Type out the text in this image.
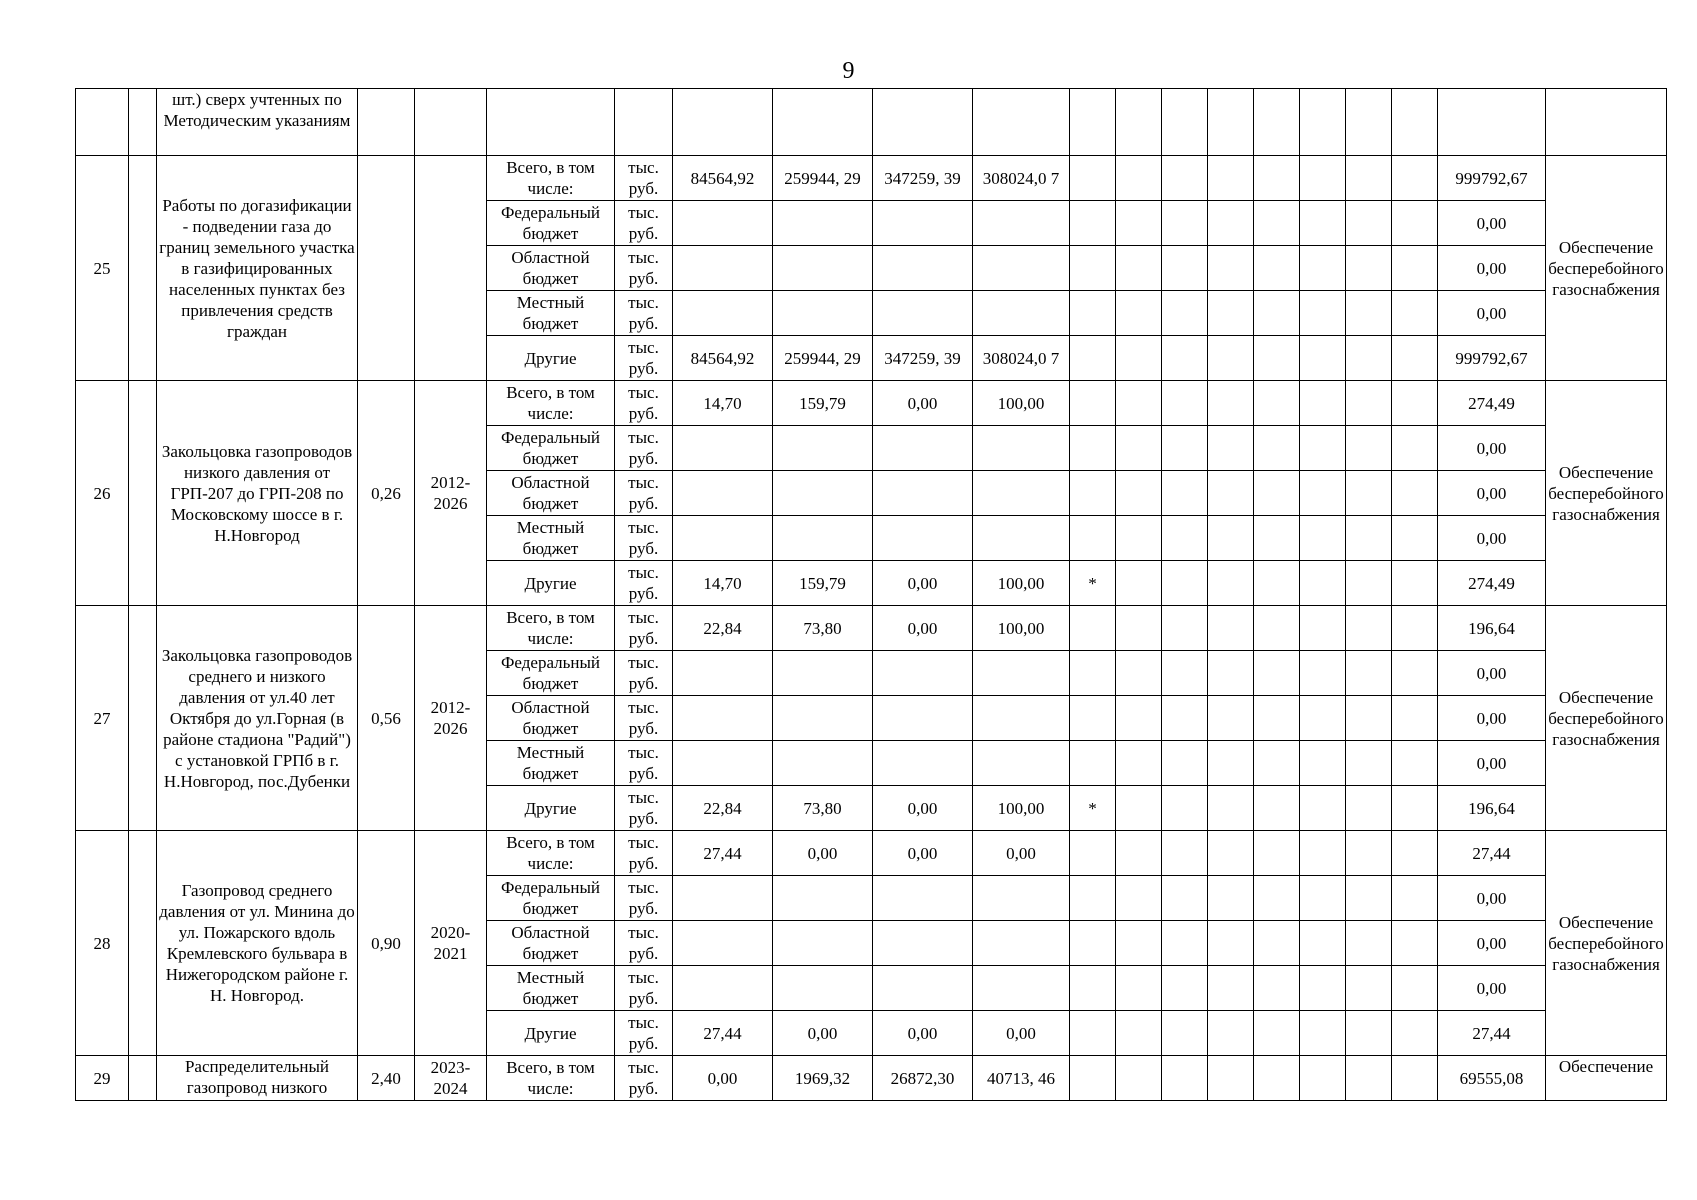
9
		шт.) сверх учтенных по Методическим указаниям																		
25		Работы по догазификации - подведении газа до границ земельного участка в газифицированных населенных пунктах без привлечения средств граждан			Всего, в том числе:	тыс. руб.	84564,92	259944, 29	347259, 39	308024,0 7									999792,67	Обеспечение бесперебойного газоснабжения
					Федеральный бюджет	тыс. руб.													0,00	
					Областной бюджет	тыс. руб.													0,00	
					Местный бюджет	тыс. руб.													0,00	
					Другие	тыс. руб.	84564,92	259944, 29	347259, 39	308024,0 7									999792,67	
26		Закольцовка газопроводов низкого давления от ГРП-207 до ГРП-208 по Московскому шоссе в г. Н.Новгород	0,26	2012-2026	Всего, в том числе:	тыс. руб.	14,70	159,79	0,00	100,00									274,49	Обеспечение бесперебойного газоснабжения
					Федеральный бюджет	тыс. руб.													0,00	
					Областной бюджет	тыс. руб.													0,00	
					Местный бюджет	тыс. руб.													0,00	
					Другие	тыс. руб.	14,70	159,79	0,00	100,00	*								274,49	
27		Закольцовка газопроводов среднего и низкого давления от ул.40 лет Октября до ул.Горная (в районе стадиона "Радий") с установкой ГРПб в г. Н.Новгород, пос.Дубенки	0,56	2012-2026	Всего, в том числе:	тыс. руб.	22,84	73,80	0,00	100,00									196,64	Обеспечение бесперебойного газоснабжения
					Федеральный бюджет	тыс. руб.													0,00	
					Областной бюджет	тыс. руб.													0,00	
					Местный бюджет	тыс. руб.													0,00	
					Другие	тыс. руб.	22,84	73,80	0,00	100,00	*								196,64	
28		Газопровод среднего давления от ул. Минина до ул. Пожарского вдоль Кремлевского бульвара в Нижегородском районе г. Н. Новгород.	0,90	2020-2021	Всего, в том числе:	тыс. руб.	27,44	0,00	0,00	0,00									27,44	Обеспечение бесперебойного газоснабжения
					Федеральный бюджет	тыс. руб.													0,00	
					Областной бюджет	тыс. руб.													0,00	
					Местный бюджет	тыс. руб.													0,00	
					Другие	тыс. руб.	27,44	0,00	0,00	0,00									27,44	
29		Распределительный газопровод низкого	2,40	2023-2024	Всего, в том числе:	тыс. руб.	0,00	1969,32	26872,30	40713, 46									69555,08	Обеспечение
